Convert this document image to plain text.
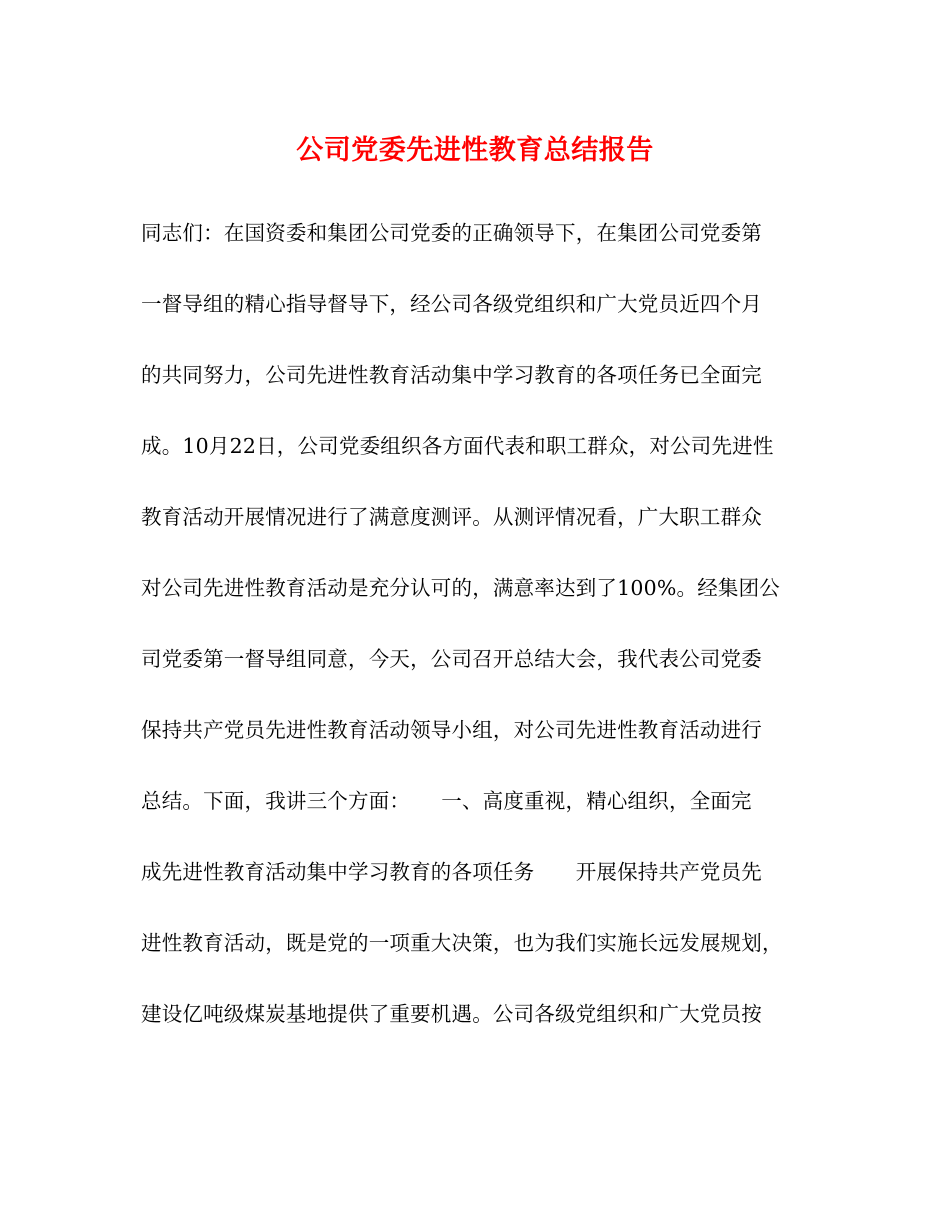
公司党委先进性教育总结报告
同志们：在国资委和集团公司党委的正确领导下，在集团公司党委第
一督导组的精心指导督导下，经公司各级党组织和广大党员近四个月
的共同努力，公司先进性教育活动集中学习教育的各项任务已全面完
成。10月22日，公司党委组织各方面代表和职工群众，对公司先进性
教育活动开展情况进行了满意度测评。从测评情况看，广大职工群众
对公司先进性教育活动是充分认可的，满意率达到了100%。经集团公
司党委第一督导组同意，今天，公司召开总结大会，我代表公司党委
保持共产党员先进性教育活动领导小组，对公司先进性教育活动进行
总结。下面，我讲三个方面：　　一、高度重视，精心组织，全面完
成先进性教育活动集中学习教育的各项任务　　开展保持共产党员先
进性教育活动，既是党的一项重大决策，也为我们实施长远发展规划，
建设亿吨级煤炭基地提供了重要机遇。公司各级党组织和广大党员按
